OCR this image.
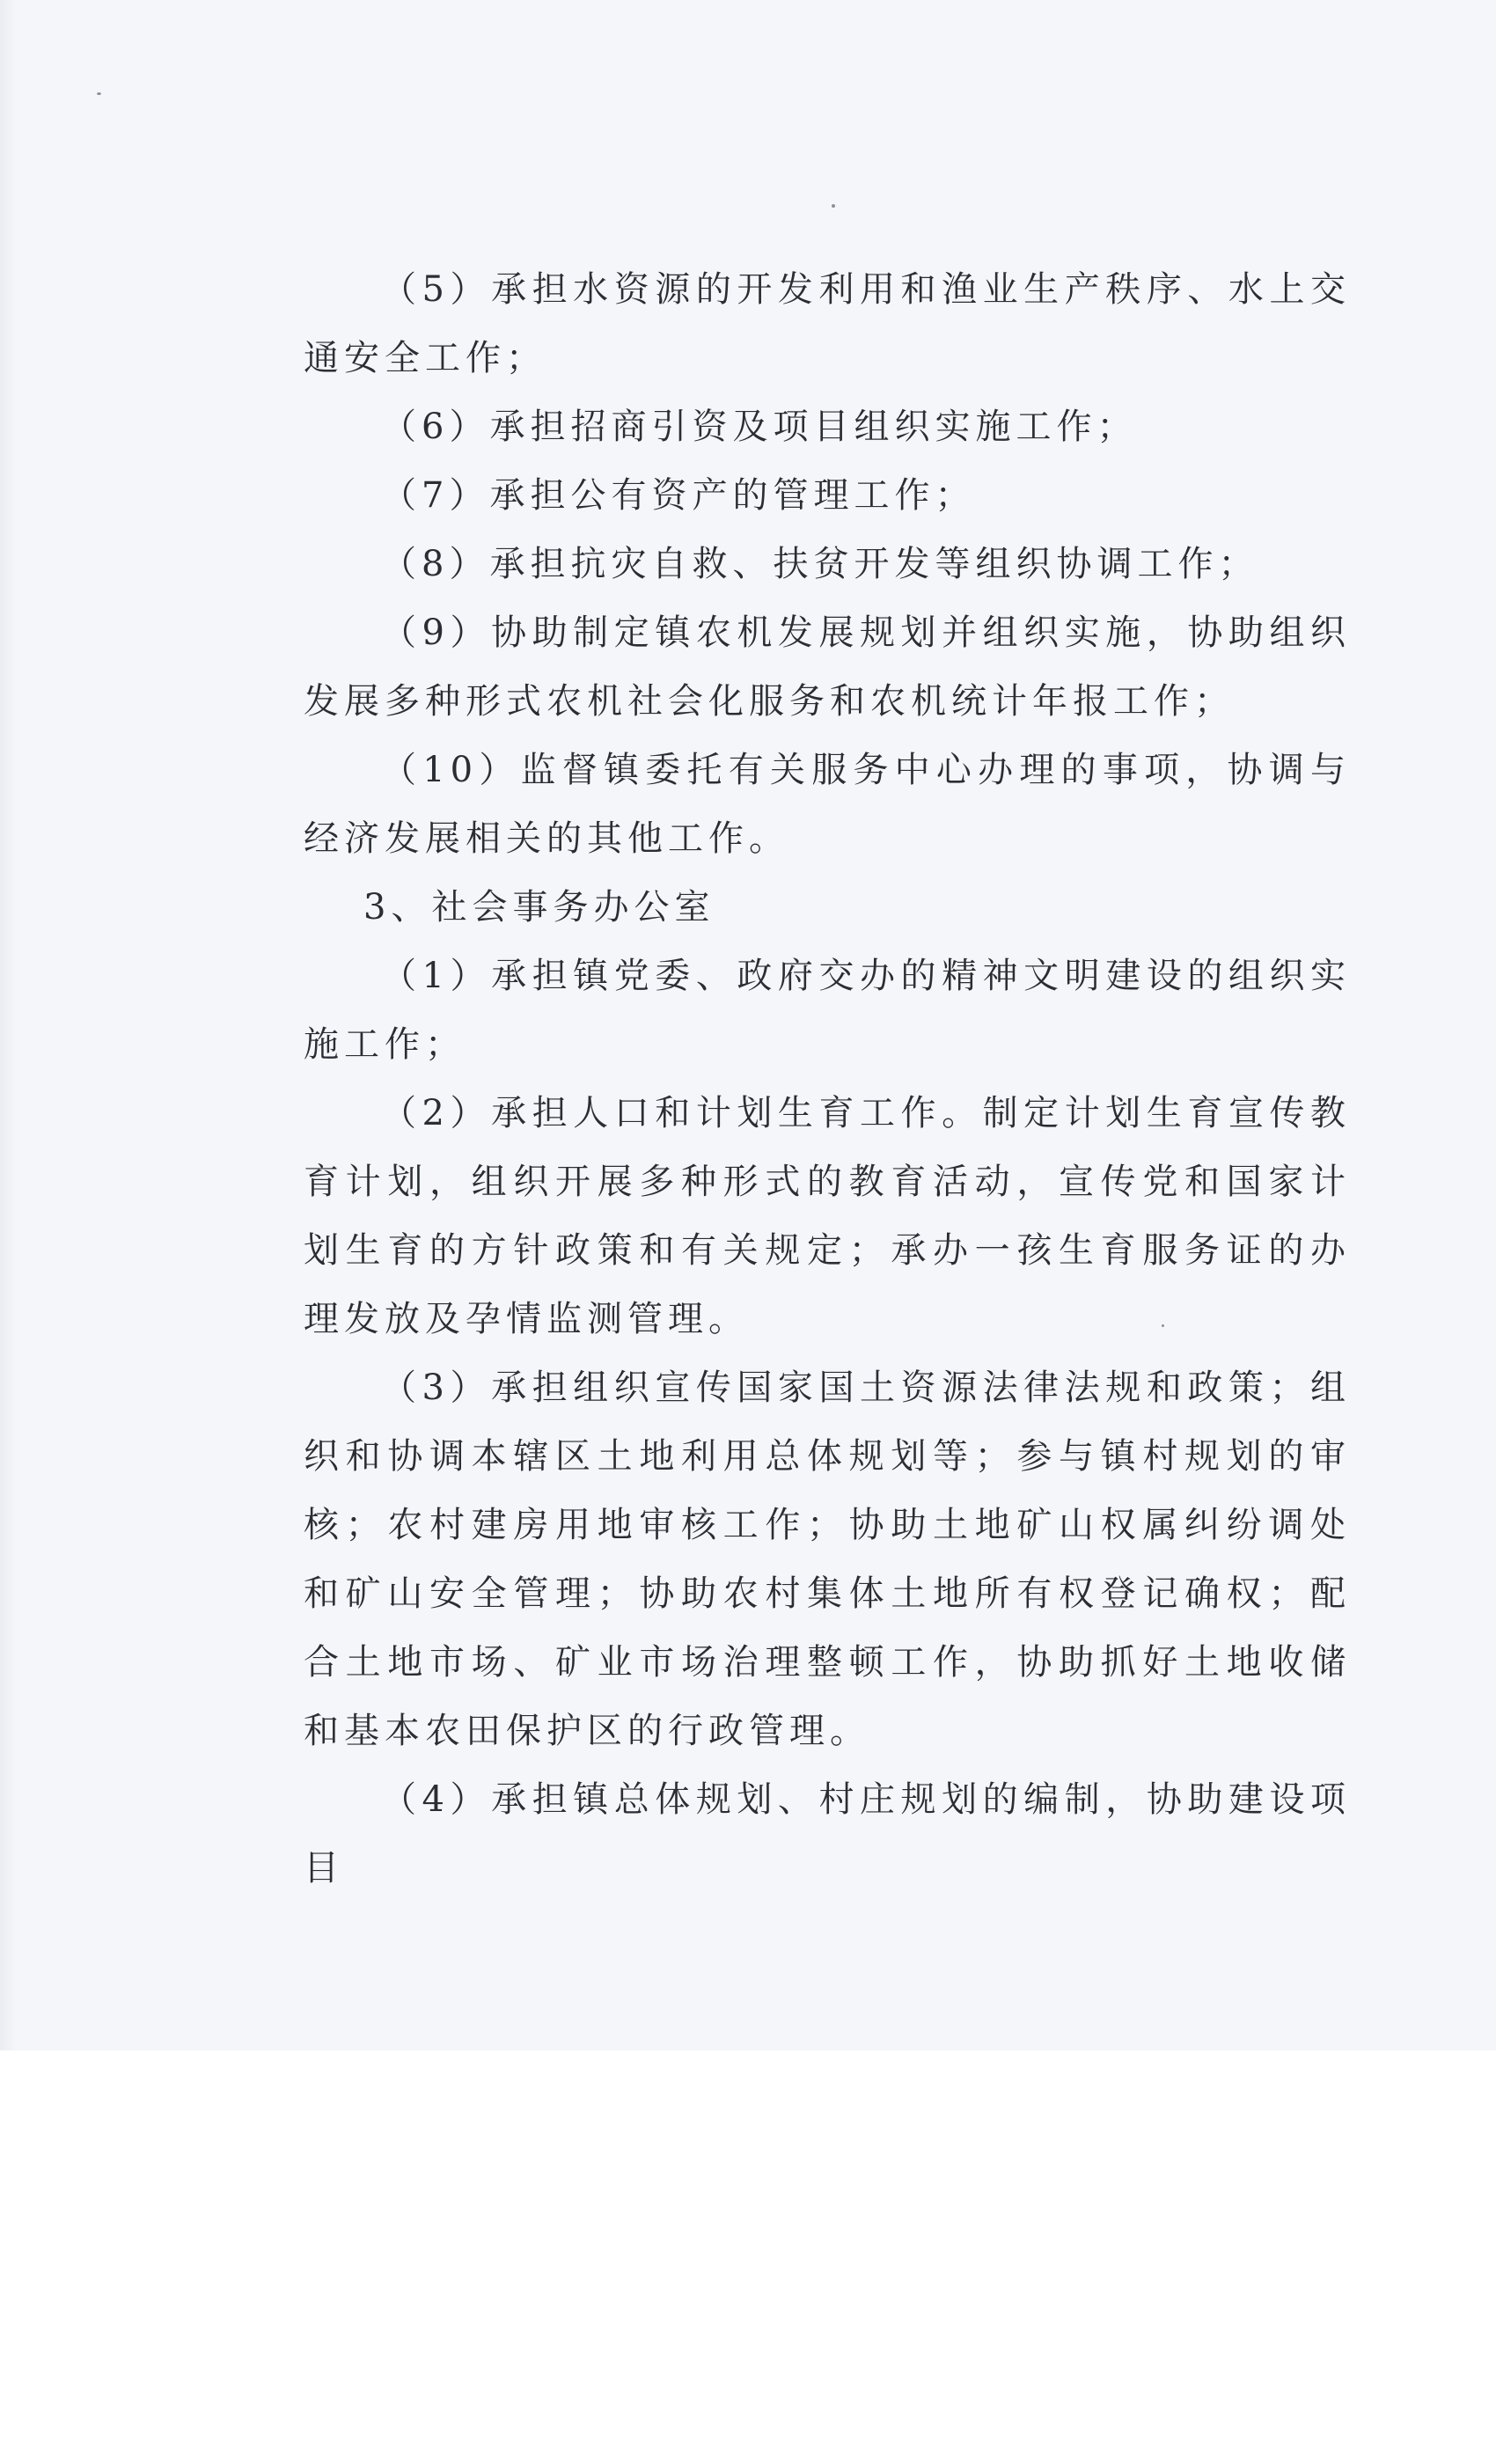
（5）承担水资源的开发利用和渔业生产秩序、水上交通安全工作；

（6）承担招商引资及项目组织实施工作；

（7）承担公有资产的管理工作；

（8）承担抗灾自救、扶贫开发等组织协调工作；

（9）协助制定镇农机发展规划并组织实施，协助组织发展多种形式农机社会化服务和农机统计年报工作；

（10）监督镇委托有关服务中心办理的事项，协调与经济发展相关的其他工作。

3、社会事务办公室

（1）承担镇党委、政府交办的精神文明建设的组织实施工作；

（2）承担人口和计划生育工作。制定计划生育宣传教育计划，组织开展多种形式的教育活动，宣传党和国家计划生育的方针政策和有关规定；承办一孩生育服务证的办理发放及孕情监测管理。

（3）承担组织宣传国家国土资源法律法规和政策；组织和协调本辖区土地利用总体规划等；参与镇村规划的审核；农村建房用地审核工作；协助土地矿山权属纠纷调处和矿山安全管理；协助农村集体土地所有权登记确权；配合土地市场、矿业市场治理整顿工作，协助抓好土地收储和基本农田保护区的行政管理。

（4）承担镇总体规划、村庄规划的编制，协助建设项目
